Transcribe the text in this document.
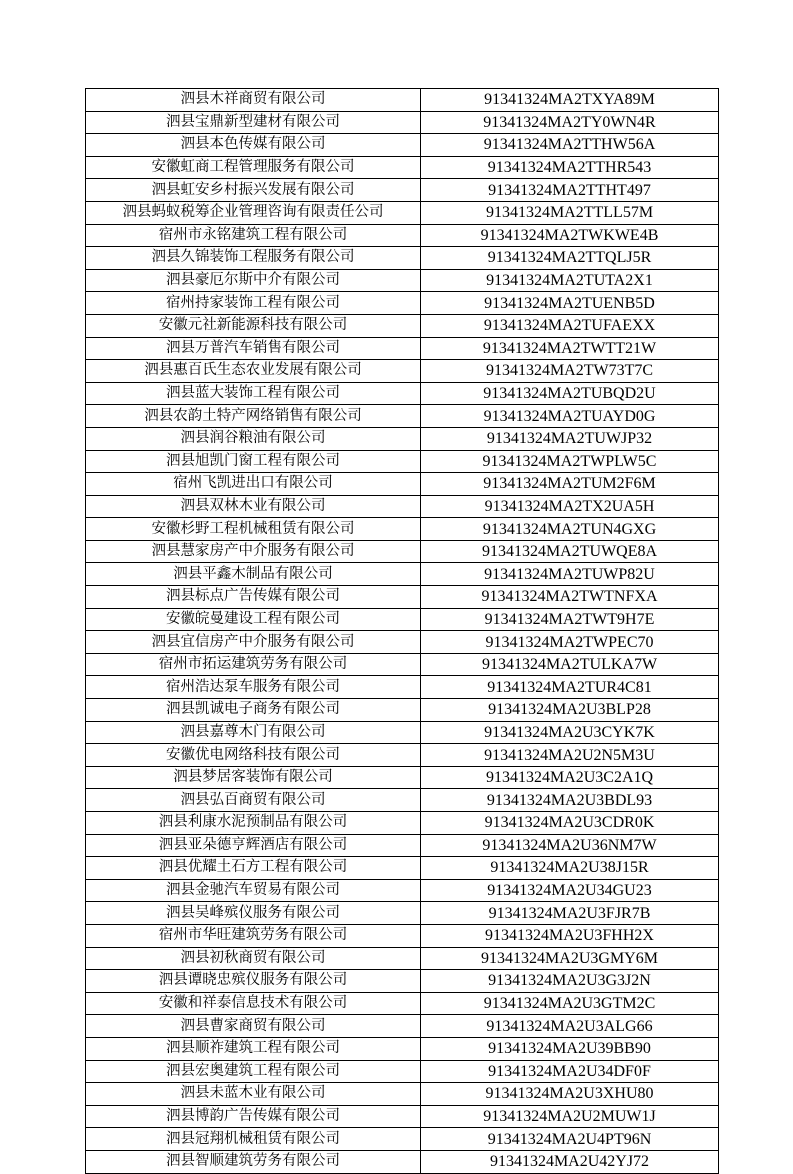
泗县木祥商贸有限公司	91341324MA2TXYA89M
泗县宝鼎新型建材有限公司	91341324MA2TY0WN4R
泗县本色传媒有限公司	91341324MA2TTHW56A
安徽虹商工程管理服务有限公司	91341324MA2TTHR543
泗县虹安乡村振兴发展有限公司	91341324MA2TTHT497
泗县蚂蚁税筹企业管理咨询有限责任公司	91341324MA2TTLL57M
宿州市永铭建筑工程有限公司	91341324MA2TWKWE4B
泗县久锦装饰工程服务有限公司	91341324MA2TTQLJ5R
泗县豪厄尔斯中介有限公司	91341324MA2TUTA2X1
宿州持家装饰工程有限公司	91341324MA2TUENB5D
安徽元社新能源科技有限公司	91341324MA2TUFAEXX
泗县万普汽车销售有限公司	91341324MA2TWTT21W
泗县惠百氏生态农业发展有限公司	91341324MA2TW73T7C
泗县蓝大装饰工程有限公司	91341324MA2TUBQD2U
泗县农韵土特产网络销售有限公司	91341324MA2TUAYD0G
泗县润谷粮油有限公司	91341324MA2TUWJP32
泗县旭凯门窗工程有限公司	91341324MA2TWPLW5C
宿州飞凯进出口有限公司	91341324MA2TUM2F6M
泗县双林木业有限公司	91341324MA2TX2UA5H
安徽杉野工程机械租赁有限公司	91341324MA2TUN4GXG
泗县慧家房产中介服务有限公司	91341324MA2TUWQE8A
泗县平鑫木制品有限公司	91341324MA2TUWP82U
泗县标点广告传媒有限公司	91341324MA2TWTNFXA
安徽皖曼建设工程有限公司	91341324MA2TWT9H7E
泗县宜信房产中介服务有限公司	91341324MA2TWPEC70
宿州市拓运建筑劳务有限公司	91341324MA2TULKA7W
宿州浩达泵车服务有限公司	91341324MA2TUR4C81
泗县凯诚电子商务有限公司	91341324MA2U3BLP28
泗县嘉尊木门有限公司	91341324MA2U3CYK7K
安徽优电网络科技有限公司	91341324MA2U2N5M3U
泗县梦居客装饰有限公司	91341324MA2U3C2A1Q
泗县弘百商贸有限公司	91341324MA2U3BDL93
泗县利康水泥预制品有限公司	91341324MA2U3CDR0K
泗县亚朵德亨辉酒店有限公司	91341324MA2U36NM7W
泗县优耀土石方工程有限公司	91341324MA2U38J15R
泗县金驰汽车贸易有限公司	91341324MA2U34GU23
泗县吴峰殡仪服务有限公司	91341324MA2U3FJR7B
宿州市华旺建筑劳务有限公司	91341324MA2U3FHH2X
泗县初秋商贸有限公司	91341324MA2U3GMY6M
泗县谭晓忠殡仪服务有限公司	91341324MA2U3G3J2N
安徽和祥泰信息技术有限公司	91341324MA2U3GTM2C
泗县曹家商贸有限公司	91341324MA2U3ALG66
泗县顺祚建筑工程有限公司	91341324MA2U39BB90
泗县宏奥建筑工程有限公司	91341324MA2U34DF0F
泗县未蓝木业有限公司	91341324MA2U3XHU80
泗县博韵广告传媒有限公司	91341324MA2U2MUW1J
泗县冠翔机械租赁有限公司	91341324MA2U4PT96N
泗县智顺建筑劳务有限公司	91341324MA2U42YJ72
